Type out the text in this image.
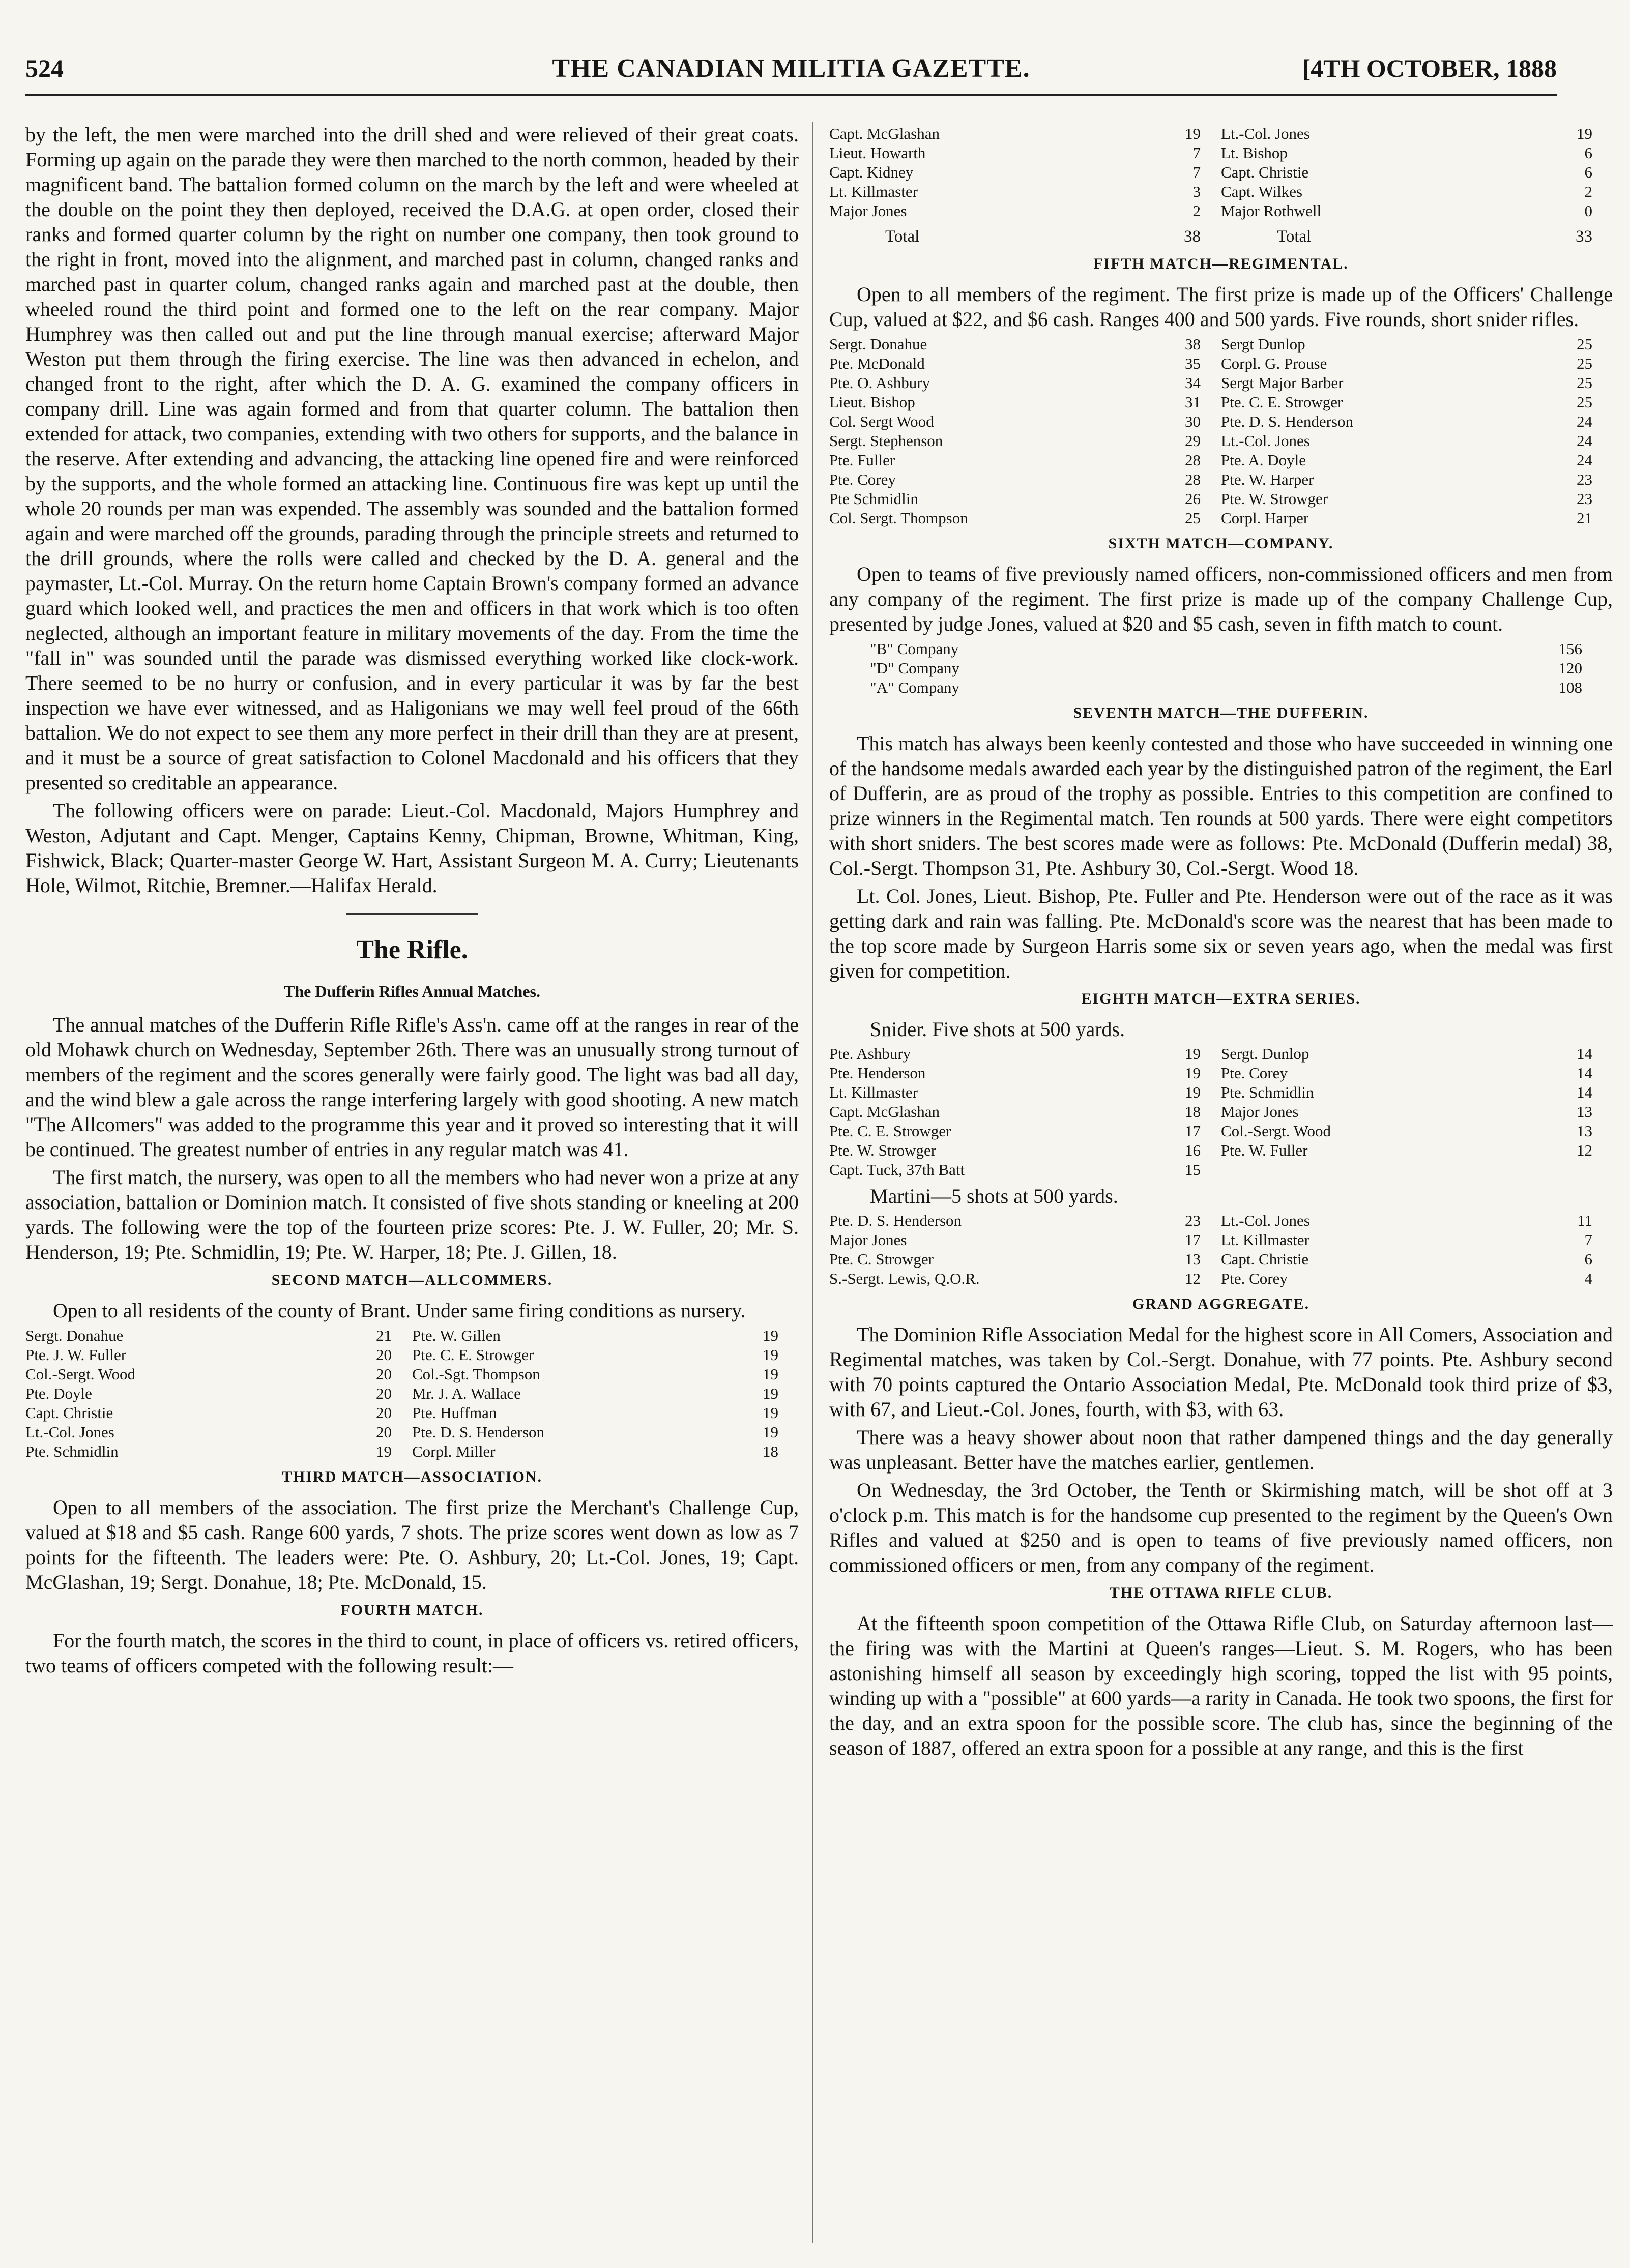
524	THE CANADIAN MILITIA GAZETTE.	[4TH OCTOBER, 1888

by the left, the men were marched into the drill shed and were relieved of their great coats. Forming up again on the parade they were then marched to the north common, headed by their magnificent band. The battalion formed column on the march by the left and were wheeled at the double on the point they then deployed, received the D.A.G. at open order, closed their ranks and formed quarter column by the right on number one company, then took ground to the right in front, moved into the alignment, and marched past in column, changed ranks and marched past in quarter colum, changed ranks again and marched past at the double, then wheeled round the third point and formed one to the left on the rear company. Major Humphrey was then called out and put the line through manual exercise; afterward Major Weston put them through the firing exercise. The line was then advanced in echelon, and changed front to the right, after which the D. A. G. examined the company officers in company drill. Line was again formed and from that quarter column. The battalion then extended for attack, two companies, extending with two others for supports, and the balance in the reserve. After extending and advancing, the attacking line opened fire and were reinforced by the supports, and the whole formed an attacking line. Continuous fire was kept up until the whole 20 rounds per man was expended. The assembly was sounded and the battalion formed again and were marched off the grounds, parading through the principle streets and returned to the drill grounds, where the rolls were called and checked by the D. A. general and the paymaster, Lt.-Col. Murray. On the return home Captain Brown's company formed an advance guard which looked well, and practices the men and officers in that work which is too often neglected, although an important feature in military movements of the day. From the time the "fall in" was sounded until the parade was dismissed everything worked like clock-work. There seemed to be no hurry or confusion, and in every particular it was by far the best inspection we have ever witnessed, and as Haligonians we may well feel proud of the 66th battalion. We do not expect to see them any more perfect in their drill than they are at present, and it must be a source of great satisfaction to Colonel Macdonald and his officers that they presented so creditable an appearance.

The following officers were on parade: Lieut.-Col. Macdonald, Majors Humphrey and Weston, Adjutant and Capt. Menger, Captains Kenny, Chipman, Browne, Whitman, King, Fishwick, Black; Quarter-master George W. Hart, Assistant Surgeon M. A. Curry; Lieutenants Hole, Wilmot, Ritchie, Bremner.—Halifax Herald.

The Rifle.
The Dufferin Rifles Annual Matches.

The annual matches of the Dufferin Rifle Rifle's Ass'n. came off at the ranges in rear of the old Mohawk church on Wednesday, September 26th. There was an unusually strong turnout of members of the regiment and the scores generally were fairly good. The light was bad all day, and the wind blew a gale across the range interfering largely with good shooting. A new match "The Allcomers" was added to the programme this year and it proved so interesting that it will be continued. The greatest number of entries in any regular match was 41.

The first match, the nursery, was open to all the members who had never won a prize at any association, battalion or Dominion match. It consisted of five shots standing or kneeling at 200 yards. The following were the top of the fourteen prize scores: Pte. J. W. Fuller, 20; Mr. S. Henderson, 19; Pte. Schmidlin, 19; Pte. W. Harper, 18; Pte. J. Gillen, 18.

SECOND MATCH—ALLCOMMERS.

Open to all residents of the county of Brant. Under same firing conditions as nursery.

Sergt. Donahue	21	Pte. W. Gillen	19
Pte. J. W. Fuller	20	Pte. C. E. Strowger	19
Col.-Sergt. Wood	20	Col.-Sgt. Thompson	19
Pte. Doyle	20	Mr. J. A. Wallace	19
Capt. Christie	20	Pte. Huffman	19
Lt.-Col. Jones	20	Pte. D. S. Henderson	19
Pte. Schmidlin	19	Corpl. Miller	18
THIRD MATCH—ASSOCIATION.

Open to all members of the association. The first prize the Merchant's Challenge Cup, valued at $18 and $5 cash. Range 600 yards, 7 shots. The prize scores went down as low as 7 points for the fifteenth. The leaders were: Pte. O. Ashbury, 20; Lt.-Col. Jones, 19; Capt. McGlashan, 19; Sergt. Donahue, 18; Pte. McDonald, 15.

FOURTH MATCH.

For the fourth match, the scores in the third to count, in place of officers vs. retired officers, two teams of officers competed with the following result:—

Capt. McGlashan	19	Lt.-Col. Jones	19
Lieut. Howarth	7	Lt. Bishop	6
Capt. Kidney	7	Capt. Christie	6
Lt. Killmaster	3	Capt. Wilkes	2
Major Jones	2	Major Rothwell	0
Total	38	Total	33
FIFTH MATCH—REGIMENTAL.

Open to all members of the regiment. The first prize is made up of the Officers' Challenge Cup, valued at $22, and $6 cash. Ranges 400 and 500 yards. Five rounds, short snider rifles.

Sergt. Donahue	38	Sergt Dunlop	25
Pte. McDonald	35	Corpl. G. Prouse	25
Pte. O. Ashbury	34	Sergt Major Barber	25
Lieut. Bishop	31	Pte. C. E. Strowger	25
Col. Sergt Wood	30	Pte. D. S. Henderson	24
Sergt. Stephenson	29	Lt.-Col. Jones	24
Pte. Fuller	28	Pte. A. Doyle	24
Pte. Corey	28	Pte. W. Harper	23
Pte Schmidlin	26	Pte. W. Strowger	23
Col. Sergt. Thompson	25	Corpl. Harper	21
SIXTH MATCH—COMPANY.

Open to teams of five previously named officers, non-commissioned officers and men from any company of the regiment. The first prize is made up of the company Challenge Cup, presented by judge Jones, valued at $20 and $5 cash, seven in fifth match to count.

"B" Company	156
"D" Company	120
"A" Company	108
SEVENTH MATCH—THE DUFFERIN.

This match has always been keenly contested and those who have succeeded in winning one of the handsome medals awarded each year by the distinguished patron of the regiment, the Earl of Dufferin, are as proud of the trophy as possible. Entries to this competition are confined to prize winners in the Regimental match. Ten rounds at 500 yards. There were eight competitors with short sniders. The best scores made were as follows: Pte. McDonald (Dufferin medal) 38, Col.-Sergt. Thompson 31, Pte. Ashbury 30, Col.-Sergt. Wood 18.

Lt. Col. Jones, Lieut. Bishop, Pte. Fuller and Pte. Henderson were out of the race as it was getting dark and rain was falling. Pte. McDonald's score was the nearest that has been made to the top score made by Surgeon Harris some six or seven years ago, when the medal was first given for competition.

EIGHTH MATCH—EXTRA SERIES.
Snider. Five shots at 500 yards.
Pte. Ashbury	19	Sergt. Dunlop	14
Pte. Henderson	19	Pte. Corey	14
Lt. Killmaster	19	Pte. Schmidlin	14
Capt. McGlashan	18	Major Jones	13
Pte. C. E. Strowger	17	Col.-Sergt. Wood	13
Pte. W. Strowger	16	Pte. W. Fuller	12
Capt. Tuck, 37th Batt	15		
Martini—5 shots at 500 yards.
Pte. D. S. Henderson	23	Lt.-Col. Jones	11
Major Jones	17	Lt. Killmaster	7
Pte. C. Strowger	13	Capt. Christie	6
S.-Sergt. Lewis, Q.O.R.	12	Pte. Corey	4
GRAND AGGREGATE.

The Dominion Rifle Association Medal for the highest score in All Comers, Association and Regimental matches, was taken by Col.-Sergt. Donahue, with 77 points. Pte. Ashbury second with 70 points captured the Ontario Association Medal, Pte. McDonald took third prize of $3, with 67, and Lieut.-Col. Jones, fourth, with $3, with 63.

There was a heavy shower about noon that rather dampened things and the day generally was unpleasant. Better have the matches earlier, gentlemen.

On Wednesday, the 3rd October, the Tenth or Skirmishing match, will be shot off at 3 o'clock p.m. This match is for the handsome cup presented to the regiment by the Queen's Own Rifles and valued at $250 and is open to teams of five previously named officers, non commissioned officers or men, from any company of the regiment.

THE OTTAWA RIFLE CLUB.

At the fifteenth spoon competition of the Ottawa Rifle Club, on Saturday afternoon last—the firing was with the Martini at Queen's ranges—Lieut. S. M. Rogers, who has been astonishing himself all season by exceedingly high scoring, topped the list with 95 points, winding up with a "possible" at 600 yards—a rarity in Canada. He took two spoons, the first for the day, and an extra spoon for the possible score. The club has, since the beginning of the season of 1887, offered an extra spoon for a possible at any range, and this is the first
